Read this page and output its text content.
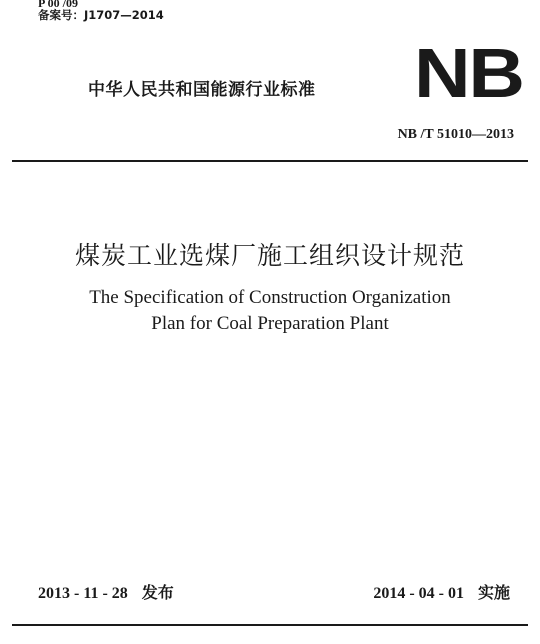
P 00 /09
备案号：J1707—2014
中华人民共和国能源行业标准 NB
NB /T 51010—2013
煤炭工业选煤厂施工组织设计规范
The Specification of Construction Organization
Plan for Coal Preparation Plant
2013 - 11 - 28 发布	2014 - 04 - 01 实施
